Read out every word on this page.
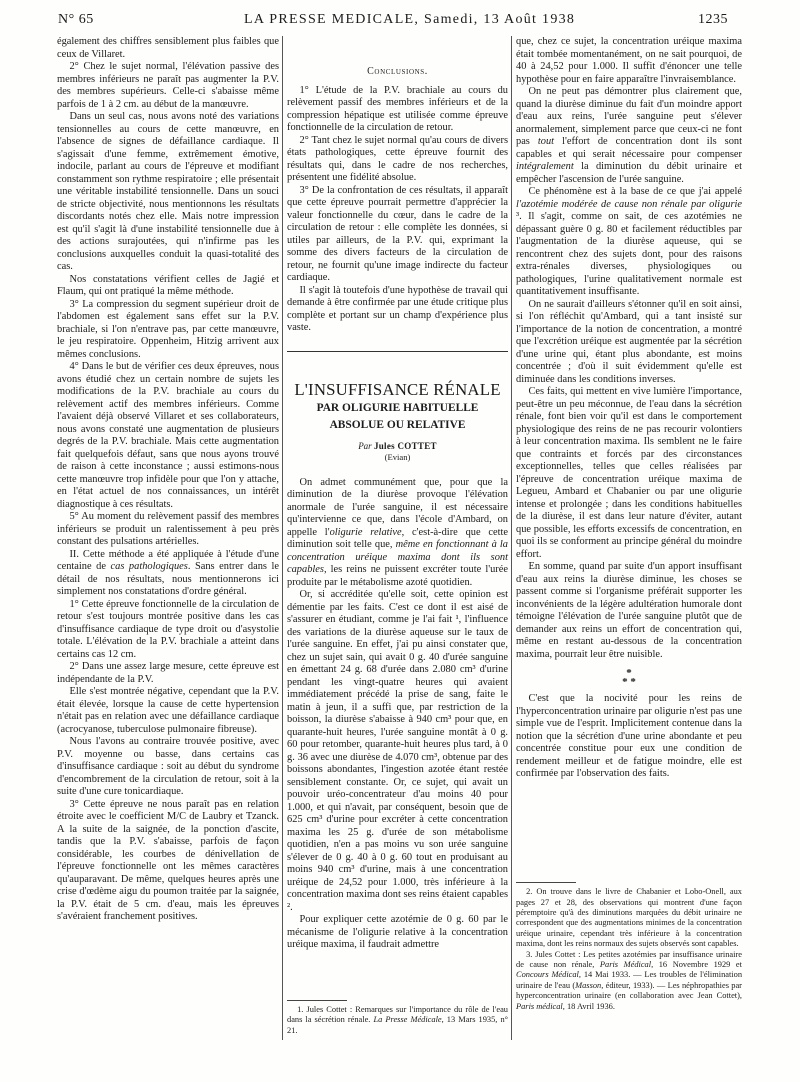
N° 65	LA PRESSE MEDICALE, Samedi, 13 Août 1938	1235

également des chiffres sensiblement plus faibles que ceux de Villaret.

2° Chez le sujet normal, l'élévation passive des membres inférieurs ne paraît pas augmenter la P.V. des membres supérieurs. Celle-ci s'abaisse même parfois de 1 à 2 cm. au début de la manœuvre.

Dans un seul cas, nous avons noté des variations tensionnelles au cours de cette manœuvre, en l'absence de signes de défaillance cardiaque. Il s'agissait d'une femme, extrêmement émotive, indocile, parlant au cours de l'épreuve et modifiant constamment son rythme respiratoire ; elle présentait une véritable instabilité tensionnelle. Dans un souci de stricte objectivité, nous mentionnons les résultats discordants notés chez elle. Mais notre impression est qu'il s'agit là d'une instabilité tensionnelle due à des actions surajoutées, qui n'infirme pas les conclusions auxquelles conduit la quasi-totalité des cas.

Nos constatations vérifient celles de Jagié et Flaum, qui ont pratiqué la même méthode.

3° La compression du segment supérieur droit de l'abdomen est également sans effet sur la P.V. brachiale, si l'on n'entrave pas, par cette manœuvre, le jeu respiratoire. Oppenheim, Hitzig arrivent aux mêmes conclusions.

4° Dans le but de vérifier ces deux épreuves, nous avons étudié chez un certain nombre de sujets les modifications de la P.V. brachiale au cours du relèvement actif des membres inférieurs. Comme l'avaient déjà observé Villaret et ses collaborateurs, nous avons constaté une augmentation de plusieurs degrés de la P.V. brachiale. Mais cette augmentation fait quelquefois défaut, sans que nous ayons trouvé de raison à cette inconstance ; aussi estimons-nous cette manœuvre trop infidèle pour que l'on y attache, en l'état actuel de nos connaissances, un intérêt diagnostique à ces résultats.

5° Au moment du relèvement passif des membres inférieurs se produit un ralentissement à peu près constant des pulsations artérielles.

II. Cette méthode a été appliquée à l'étude d'une centaine de cas pathologiques. Sans entrer dans le détail de nos résultats, nous mentionnerons ici simplement nos constatations d'ordre général.

1° Cette épreuve fonctionnelle de la circulation de retour s'est toujours montrée positive dans les cas d'insuffisance cardiaque de type droit ou d'asystolie totale. L'élévation de la P.V. brachiale a atteint dans certains cas 12 cm.

2° Dans une assez large mesure, cette épreuve est indépendante de la P.V.

Elle s'est montrée négative, cependant que la P.V. était élevée, lorsque la cause de cette hypertension n'était pas en relation avec une défaillance cardiaque (acrocyanose, tuberculose pulmonaire fibreuse).

Nous l'avons au contraire trouvée positive, avec P.V. moyenne ou basse, dans certains cas d'insuffisance cardiaque : soit au début du syndrome d'encombrement de la circulation de retour, soit à la suite d'une cure tonicardiaque.

3° Cette épreuve ne nous paraît pas en relation étroite avec le coefficient M/C de Laubry et Tzanck. A la suite de la saignée, de la ponction d'ascite, tandis que la P.V. s'abaisse, parfois de façon considérable, les courbes de dénivellation de l'épreuve fonctionnelle ont les mêmes caractères qu'auparavant. De même, quelques heures après une crise d'œdème aigu du poumon traitée par la saignée, la P.V. était de 5 cm. d'eau, mais les épreuves s'avéraient franchement positives.

Conclusions.

1° L'étude de la P.V. brachiale au cours du relèvement passif des membres inférieurs et de la compression hépatique est utilisée comme épreuve fonctionnelle de la circulation de retour.

2° Tant chez le sujet normal qu'au cours de divers états pathologiques, cette épreuve fournit des résultats qui, dans le cadre de nos recherches, présentent une fidélité absolue.

3° De la confrontation de ces résultats, il apparaît que cette épreuve pourrait permettre d'apprécier la valeur fonctionnelle du cœur, dans le cadre de la circulation de retour : elle complète les données, si utiles par ailleurs, de la P.V. qui, exprimant la somme des divers facteurs de la circulation de retour, ne fournit qu'une image indirecte du facteur cardiaque.

Il s'agit là toutefois d'une hypothèse de travail qui demande à être confirmée par une étude critique plus complète et portant sur un champ d'expérience plus vaste.

L'INSUFFISANCE RÉNALE
PAR OLIGURIE HABITUELLE
ABSOLUE OU RELATIVE
Par Jules COTTET
(Evian)

On admet communément que, pour que la diminution de la diurèse provoque l'élévation anormale de l'urée sanguine, il est nécessaire qu'intervienne ce que, dans l'école d'Ambard, on appelle l'oligurie relative, c'est-à-dire que cette diminution soit telle que, même en fonctionnant à la concentration uréique maxima dont ils sont capables, les reins ne puissent excréter toute l'urée produite par le métabolisme azoté quotidien.

Or, si accréditée qu'elle soit, cette opinion est démentie par les faits. C'est ce dont il est aisé de s'assurer en étudiant, comme je l'ai fait ¹, l'influence des variations de la diurèse aqueuse sur le taux de l'urée sanguine. En effet, j'ai pu ainsi constater que, chez un sujet sain, qui avait 0 g. 40 d'urée sanguine en émettant 24 g. 68 d'urée dans 2.080 cm³ d'urine pendant les vingt-quatre heures qui avaient immédiatement précédé la prise de sang, faite le matin à jeun, il a suffi que, par restriction de la boisson, la diurèse s'abaisse à 940 cm³ pour que, en quarante-huit heures, l'urée sanguine montât à 0 g. 60 pour retomber, quarante-huit heures plus tard, à 0 g. 36 avec une diurèse de 4.070 cm³, obtenue par des boissons abondantes, l'ingestion azotée étant restée sensiblement constante. Or, ce sujet, qui avait un pouvoir uréo-concentrateur d'au moins 40 pour 1.000, et qui n'avait, par conséquent, besoin que de 625 cm³ d'urine pour excréter à cette concentration maxima les 25 g. d'urée de son métabolisme quotidien, n'en a pas moins vu son urée sanguine s'élever de 0 g. 40 à 0 g. 60 tout en produisant au moins 940 cm³ d'urine, mais à une concentration uréique de 24,52 pour 1.000, très inférieure à la concentration maxima dont ses reins étaient capables ².

Pour expliquer cette azotémie de 0 g. 60 par le mécanisme de l'oligurie relative à la concentration uréique maxima, il faudrait admettre

1. Jules Cottet : Remarques sur l'importance du rôle de l'eau dans la sécrétion rénale. La Presse Médicale, 13 Mars 1935, n° 21.

que, chez ce sujet, la concentration uréique maxima était tombée momentanément, on ne sait pourquoi, de 40 à 24,52 pour 1.000. Il suffit d'énoncer une telle hypothèse pour en faire apparaître l'invraisemblance.

On ne peut pas démontrer plus clairement que, quand la diurèse diminue du fait d'un moindre apport d'eau aux reins, l'urée sanguine peut s'élever anormalement, simplement parce que ceux-ci ne font pas tout l'effort de concentration dont ils sont capables et qui serait nécessaire pour compenser intégralement la diminution du débit urinaire et empêcher l'ascension de l'urée sanguine.

Ce phénomène est à la base de ce que j'ai appelé l'azotémie modérée de cause non rénale par oligurie ³. Il s'agit, comme on sait, de ces azotémies ne dépassant guère 0 g. 80 et facilement réductibles par l'augmentation de la diurèse aqueuse, qui se rencontrent chez des sujets dont, pour des raisons extra-rénales diverses, physiologiques ou pathologiques, l'urine qualitativement normale est quantitativement insuffisante.

On ne saurait d'ailleurs s'étonner qu'il en soit ainsi, si l'on réfléchit qu'Ambard, qui a tant insisté sur l'importance de la notion de concentration, a montré que l'excrétion uréique est augmentée par la sécrétion d'une urine qui, étant plus abondante, est moins concentrée ; d'où il suit évidemment qu'elle est diminuée dans les conditions inverses.

Ces faits, qui mettent en vive lumière l'importance, peut-être un peu méconnue, de l'eau dans la sécrétion rénale, font bien voir qu'il est dans le comportement physiologique des reins de ne pas recourir volontiers à leur concentration maxima. Ils semblent ne le faire que contraints et forcés par des circonstances exceptionnelles, telles que celles réalisées par l'épreuve de concentration uréique maxima de Legueu, Ambard et Chabanier ou par une oligurie intense et prolongée ; dans les conditions habituelles de la diurèse, il est dans leur nature d'éviter, autant que possible, les efforts excessifs de concentration, en quoi ils se conforment au principe général du moindre effort.

En somme, quand par suite d'un apport insuffisant d'eau aux reins la diurèse diminue, les choses se passent comme si l'organisme préférait supporter les inconvénients de la légère adultération humorale dont témoigne l'élévation de l'urée sanguine plutôt que de demander aux reins un effort de concentration qui, même en restant au-dessous de la concentration maxima, pourrait leur être nuisible.

*
* *

C'est que la nocivité pour les reins de l'hyperconcentration urinaire par oligurie n'est pas une simple vue de l'esprit. Implicitement contenue dans la notion que la sécrétion d'une urine abondante et peu concentrée constitue pour eux une condition de rendement meilleur et de fatigue moindre, elle est confirmée par l'observation des faits.

2. On trouve dans le livre de Chabanier et Lobo-Onell, aux pages 27 et 28, des observations qui montrent d'une façon péremptoire qu'à des diminutions marquées du débit urinaire ne correspondent que des augmentations minimes de la concentration uréique urinaire, cependant très inférieure à la concentration maxima, dont les reins normaux des sujets observés sont capables.

3. Jules Cottet : Les petites azotémies par insuffisance urinaire de cause non rénale, Paris Médical, 16 Novembre 1929 et Concours Médical, 14 Mai 1933. — Les troubles de l'élimination urinaire de l'eau (Masson, éditeur, 1933). — Les néphropathies par hyperconcentration urinaire (en collaboration avec Jean Cottet), Paris médical, 18 Avril 1936.
